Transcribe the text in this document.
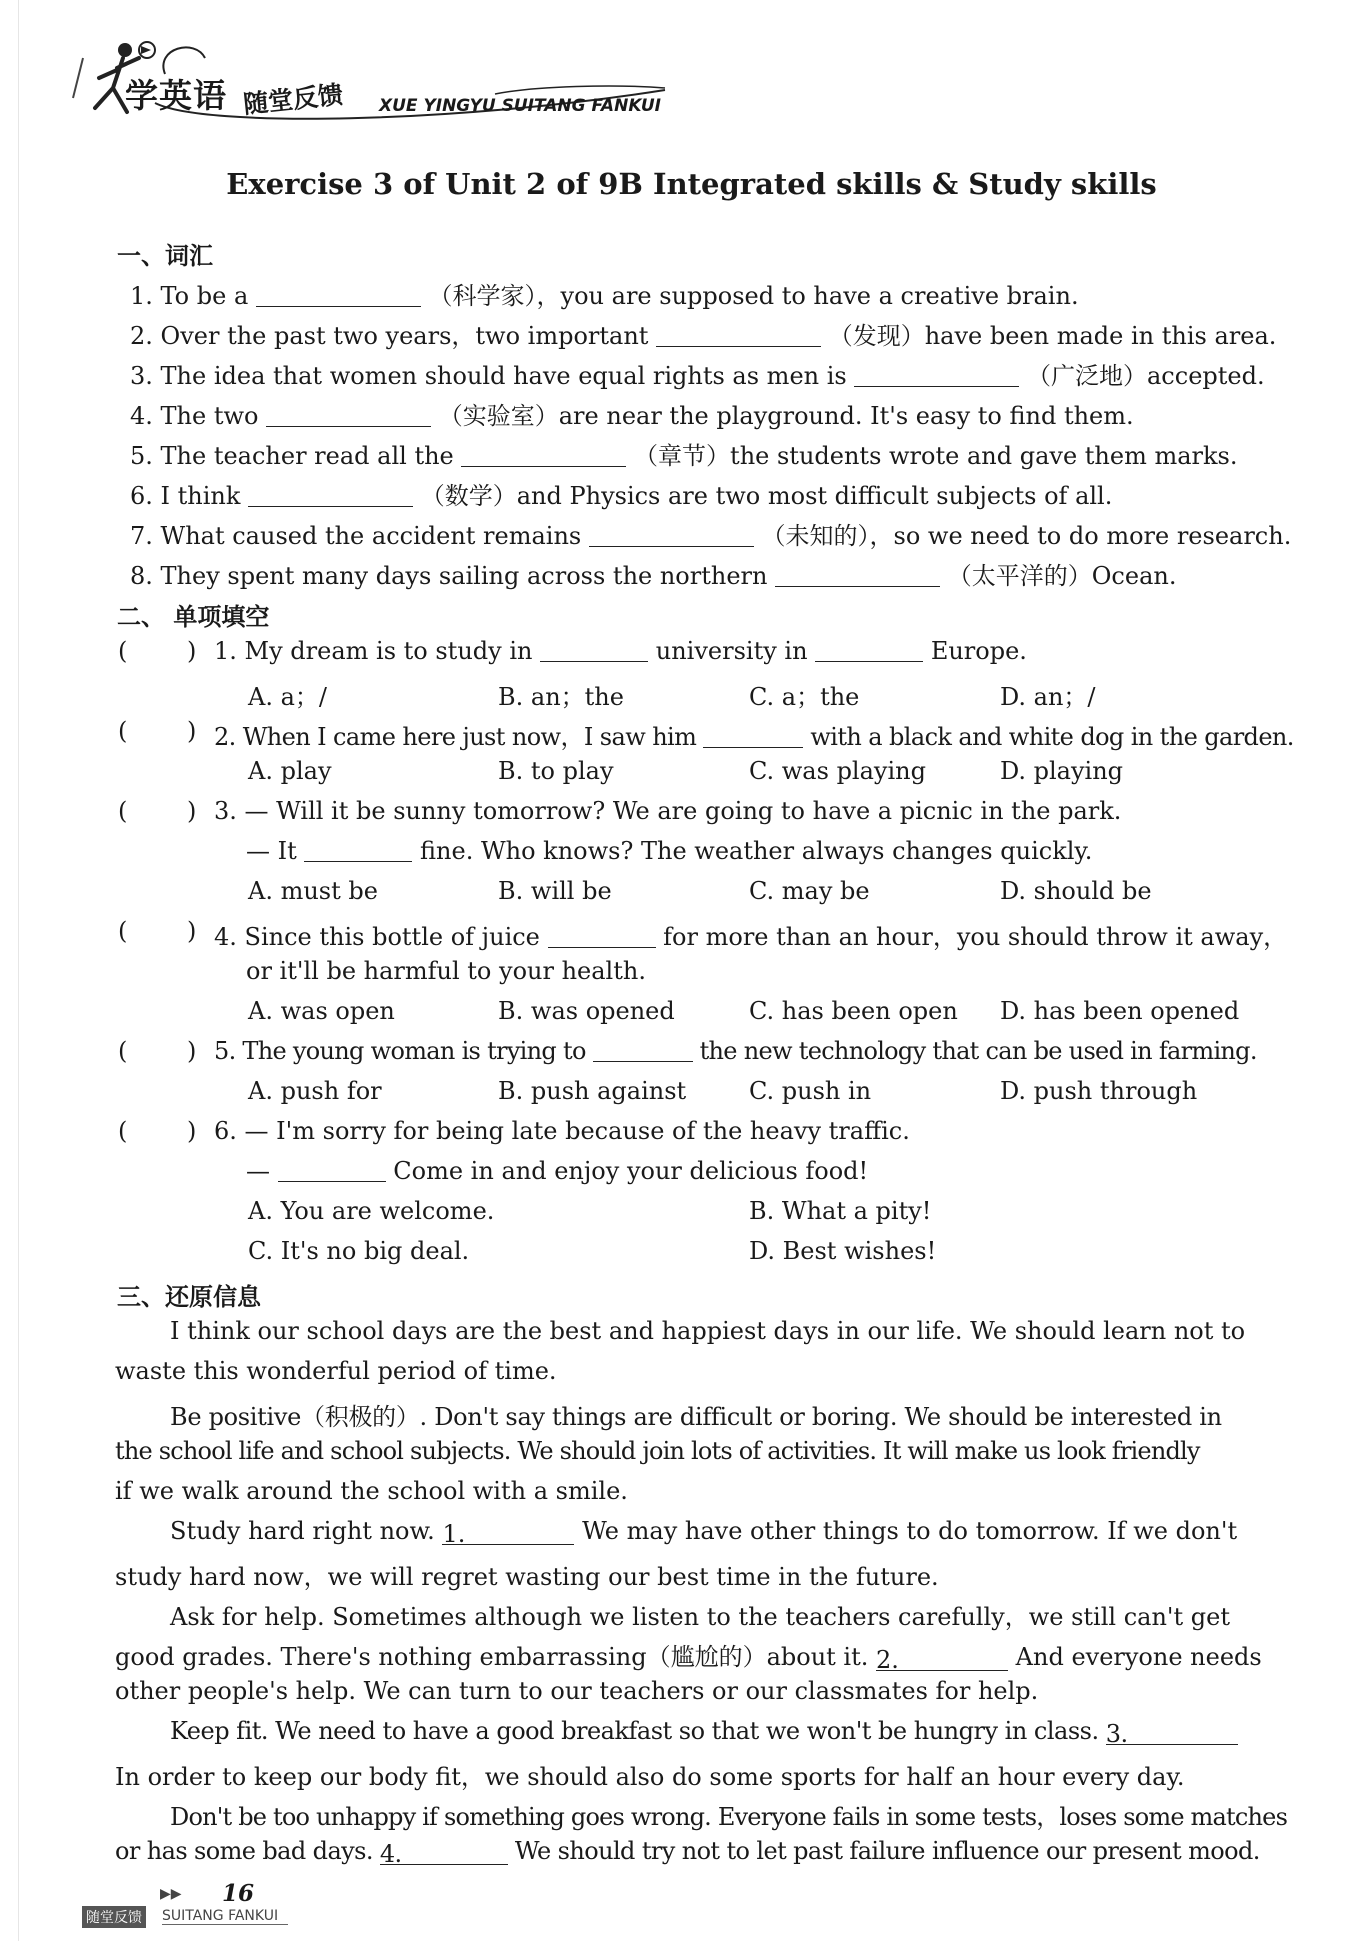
学英语 随堂反馈 XUE YINGYU SUITANG FANKUI
Exercise 3 of Unit 2 of 9B Integrated skills & Study skills
一、词汇
1. To be a	（科学家），you are supposed to have a creative brain.
2. Over the past two years，two important	（发现）have been made in this area.
3. The idea that women should have equal rights as men is	（广泛地）accepted.
4. The two	（实验室）are near the playground. It's easy to find them.
5. The teacher read all the	（章节）the students wrote and gave them marks.
6. I think	（数学）and Physics are two most difficult subjects of all.
7. What caused the accident remains	（未知的），so we need to do more research.
8. They spent many days sailing across the northern	（太平洋的）Ocean.
二、 单项填空
( ) 1. My dream is to study in	university in	Europe.
A. a；/	B. an；the	C. a；the	D. an；/
( ) 2. When I came here just now，I saw him	with a black and white dog in the garden.
A. play	B. to play	C. was playing	D. playing
( ) 3. — Will it be sunny tomorrow? We are going to have a picnic in the park.
— It	fine. Who knows? The weather always changes quickly.
A. must be	B. will be	C. may be	D. should be
( ) 4. Since this bottle of juice	for more than an hour，you should throw it away，
or it'll be harmful to your health.
A. was open	B. was opened	C. has been open D. has been opened
( ) 5. The young woman is trying to	the new technology that can be used in farming.
A. push for	B. push against	C. push in	D. push through
( ) 6. — I'm sorry for being late because of the heavy traffic.
—	Come in and enjoy your delicious food!
A. You are welcome.	B. What a pity!
C. It's no big deal.	D. Best wishes!
三、还原信息
I think our school days are the best and happiest days in our life. We should learn not to
waste this wonderful period of time.
Be positive（积极的）. Don't say things are difficult or boring. We should be interested in
the school life and school subjects. We should join lots of activities. It will make us look friendly
if we walk around the school with a smile.
Study hard right now. 1.	We may have other things to do tomorrow. If we don't
study hard now，we will regret wasting our best time in the future.
Ask for help. Sometimes although we listen to the teachers carefully，we still can't get
good grades. There's nothing embarrassing（尴尬的）about it. 2.	And everyone needs
other people's help. We can turn to our teachers or our classmates for help.
Keep fit. We need to have a good breakfast so that we won't be hungry in class. 3.
In order to keep our body fit，we should also do some sports for half an hour every day.
Don't be too unhappy if something goes wrong. Everyone fails in some tests，loses some matches
or has some bad days. 4.	We should try not to let past failure influence our present mood.
▶▶ 16
随堂反馈 SUITANG FANKUI
